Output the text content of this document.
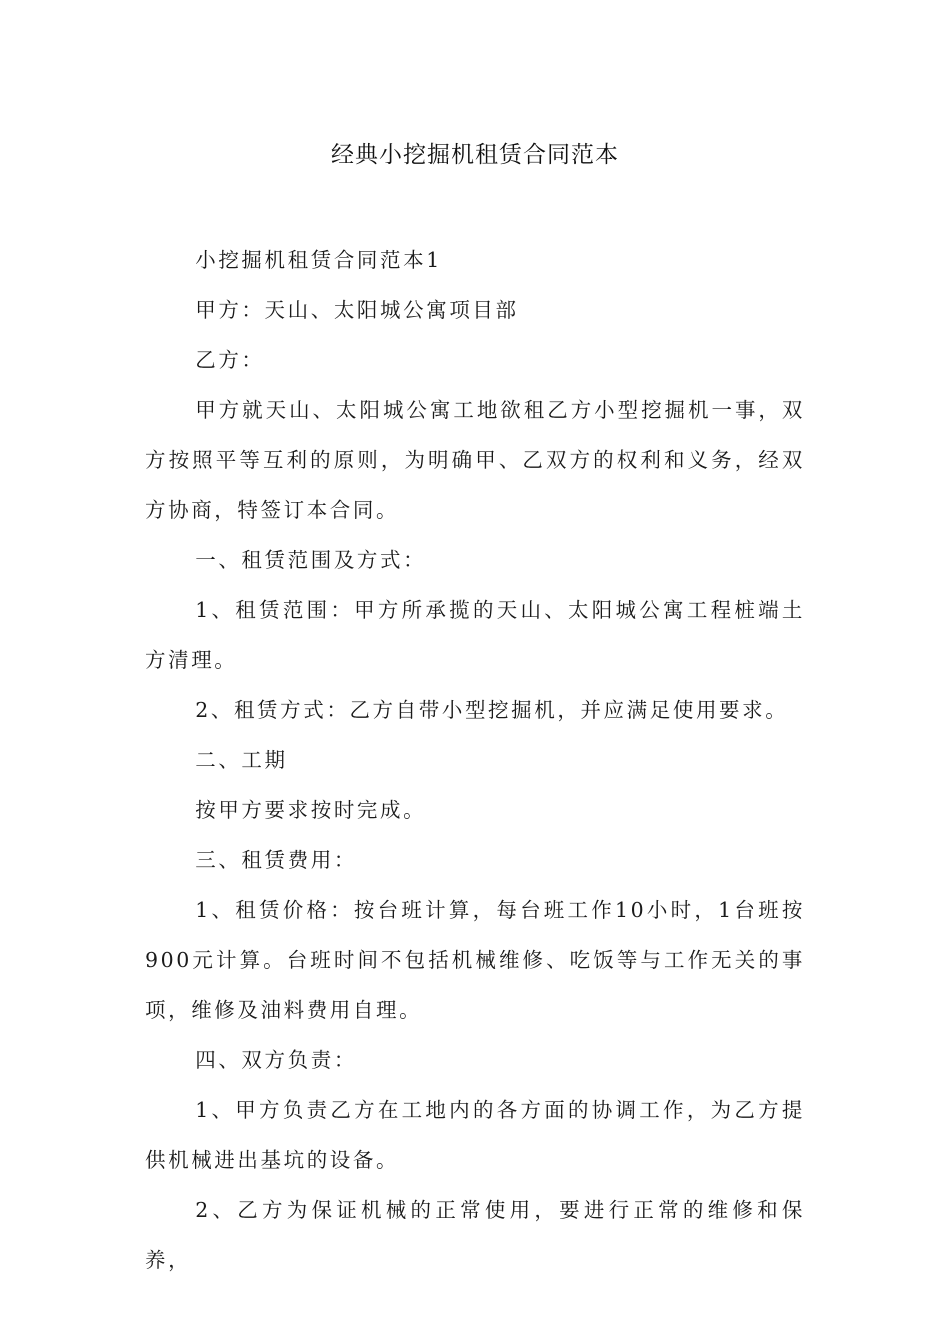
经典小挖掘机租赁合同范本

小挖掘机租赁合同范本1

甲方：天山、太阳城公寓项目部

乙方：

甲方就天山、太阳城公寓工地欲租乙方小型挖掘机一事，双方按照平等互利的原则，为明确甲、乙双方的权利和义务，经双方协商，特签订本合同。

一、租赁范围及方式：

1、租赁范围：甲方所承揽的天山、太阳城公寓工程桩端土方清理。

2、租赁方式：乙方自带小型挖掘机，并应满足使用要求。

二、工期

按甲方要求按时完成。

三、租赁费用：

1、租赁价格：按台班计算，每台班工作10小时，1台班按900元计算。台班时间不包括机械维修、吃饭等与工作无关的事项，维修及油料费用自理。

四、双方负责：

1、甲方负责乙方在工地内的各方面的协调工作，为乙方提供机械进出基坑的设备。

2、乙方为保证机械的正常使用，要进行正常的维修和保养，
